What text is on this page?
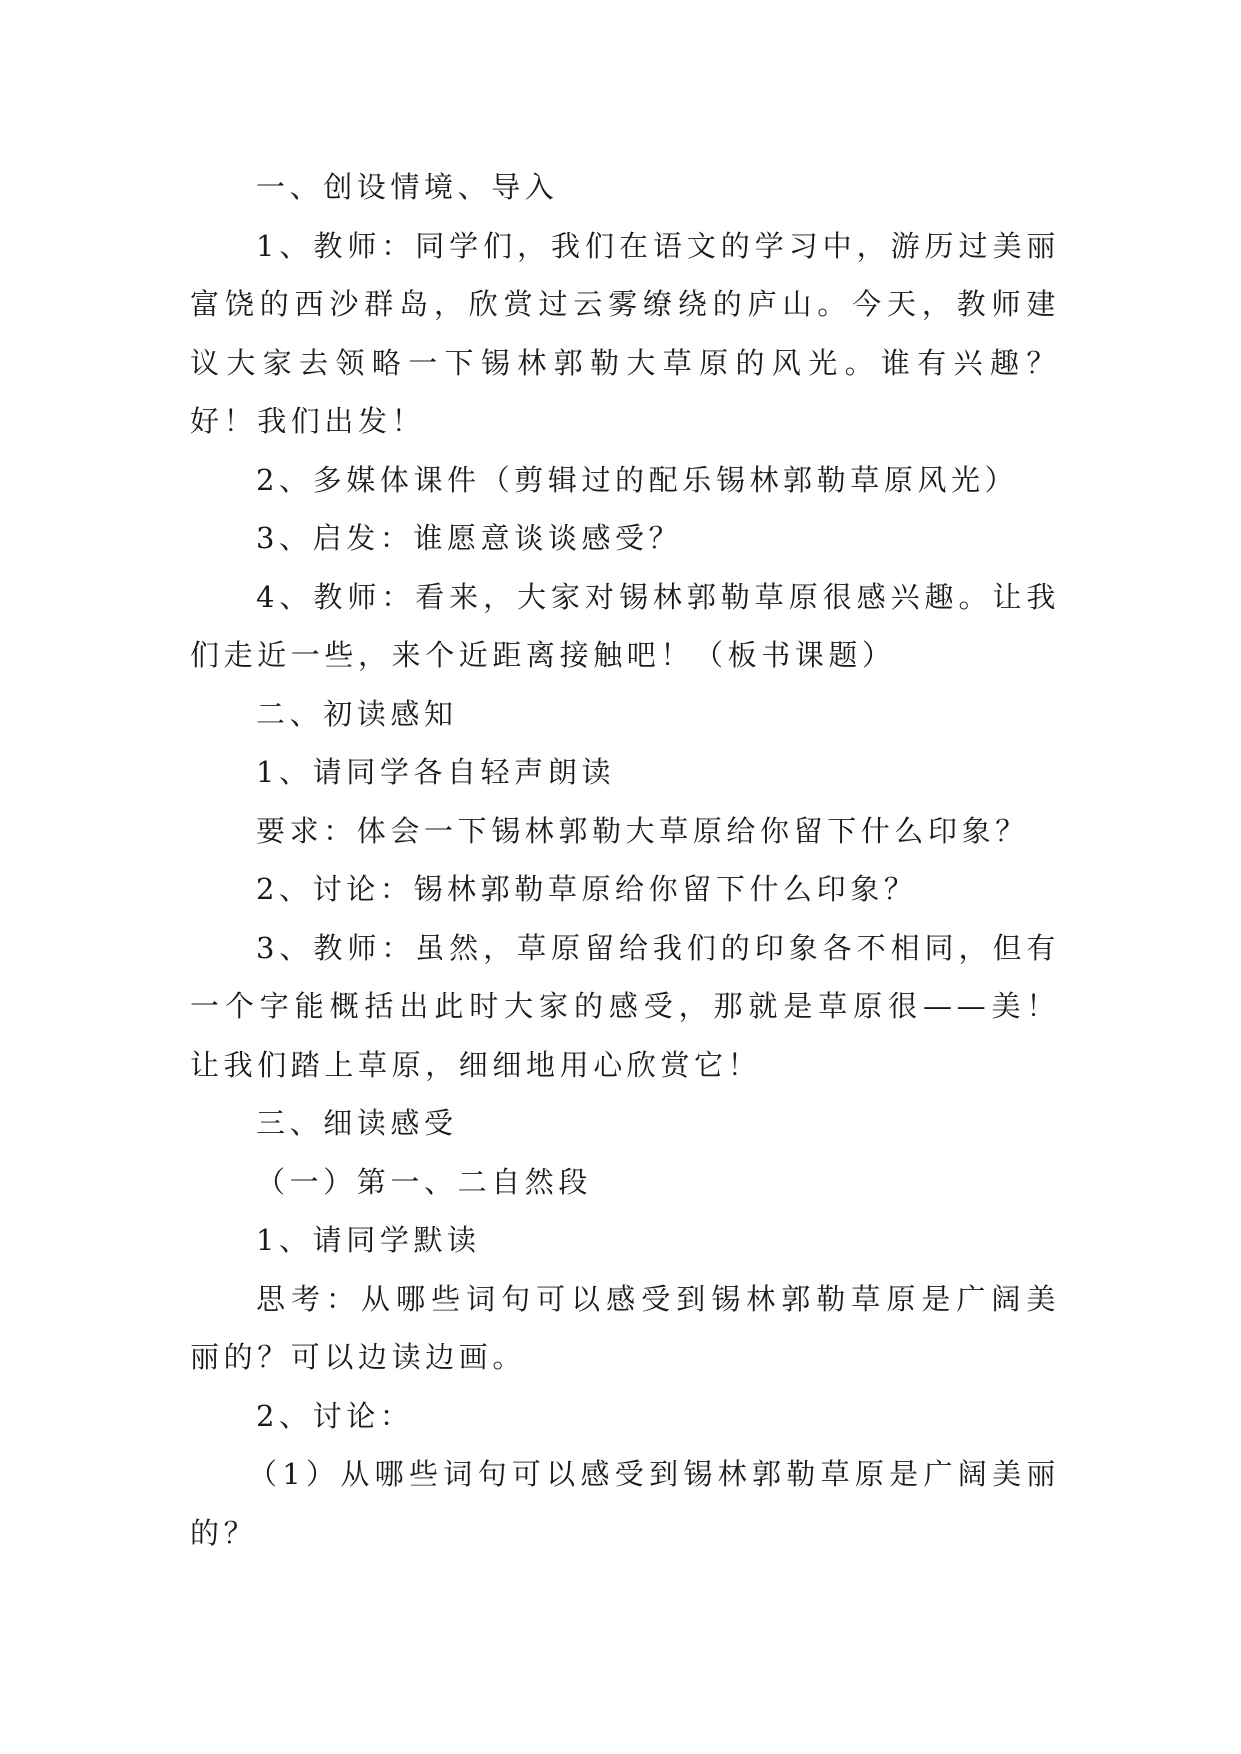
一、创设情境、导入

1、教师：同学们，我们在语文的学习中，游历过美丽富饶的西沙群岛，欣赏过云雾缭绕的庐山。今天，教师建议大家去领略一下锡林郭勒大草原的风光。谁有兴趣？好！我们出发！

2、多媒体课件（剪辑过的配乐锡林郭勒草原风光）

3、启发：谁愿意谈谈感受？

4、教师：看来，大家对锡林郭勒草原很感兴趣。让我们走近一些，来个近距离接触吧！（板书课题）

二、初读感知

1、请同学各自轻声朗读

要求：体会一下锡林郭勒大草原给你留下什么印象？

2、讨论：锡林郭勒草原给你留下什么印象？

3、教师：虽然，草原留给我们的印象各不相同，但有一个字能概括出此时大家的感受，那就是草原很——美！让我们踏上草原，细细地用心欣赏它！

三、细读感受

（一）第一、二自然段

1、请同学默读

思考：从哪些词句可以感受到锡林郭勒草原是广阔美丽的？可以边读边画。

2、讨论：

（1）从哪些词句可以感受到锡林郭勒草原是广阔美丽的？
